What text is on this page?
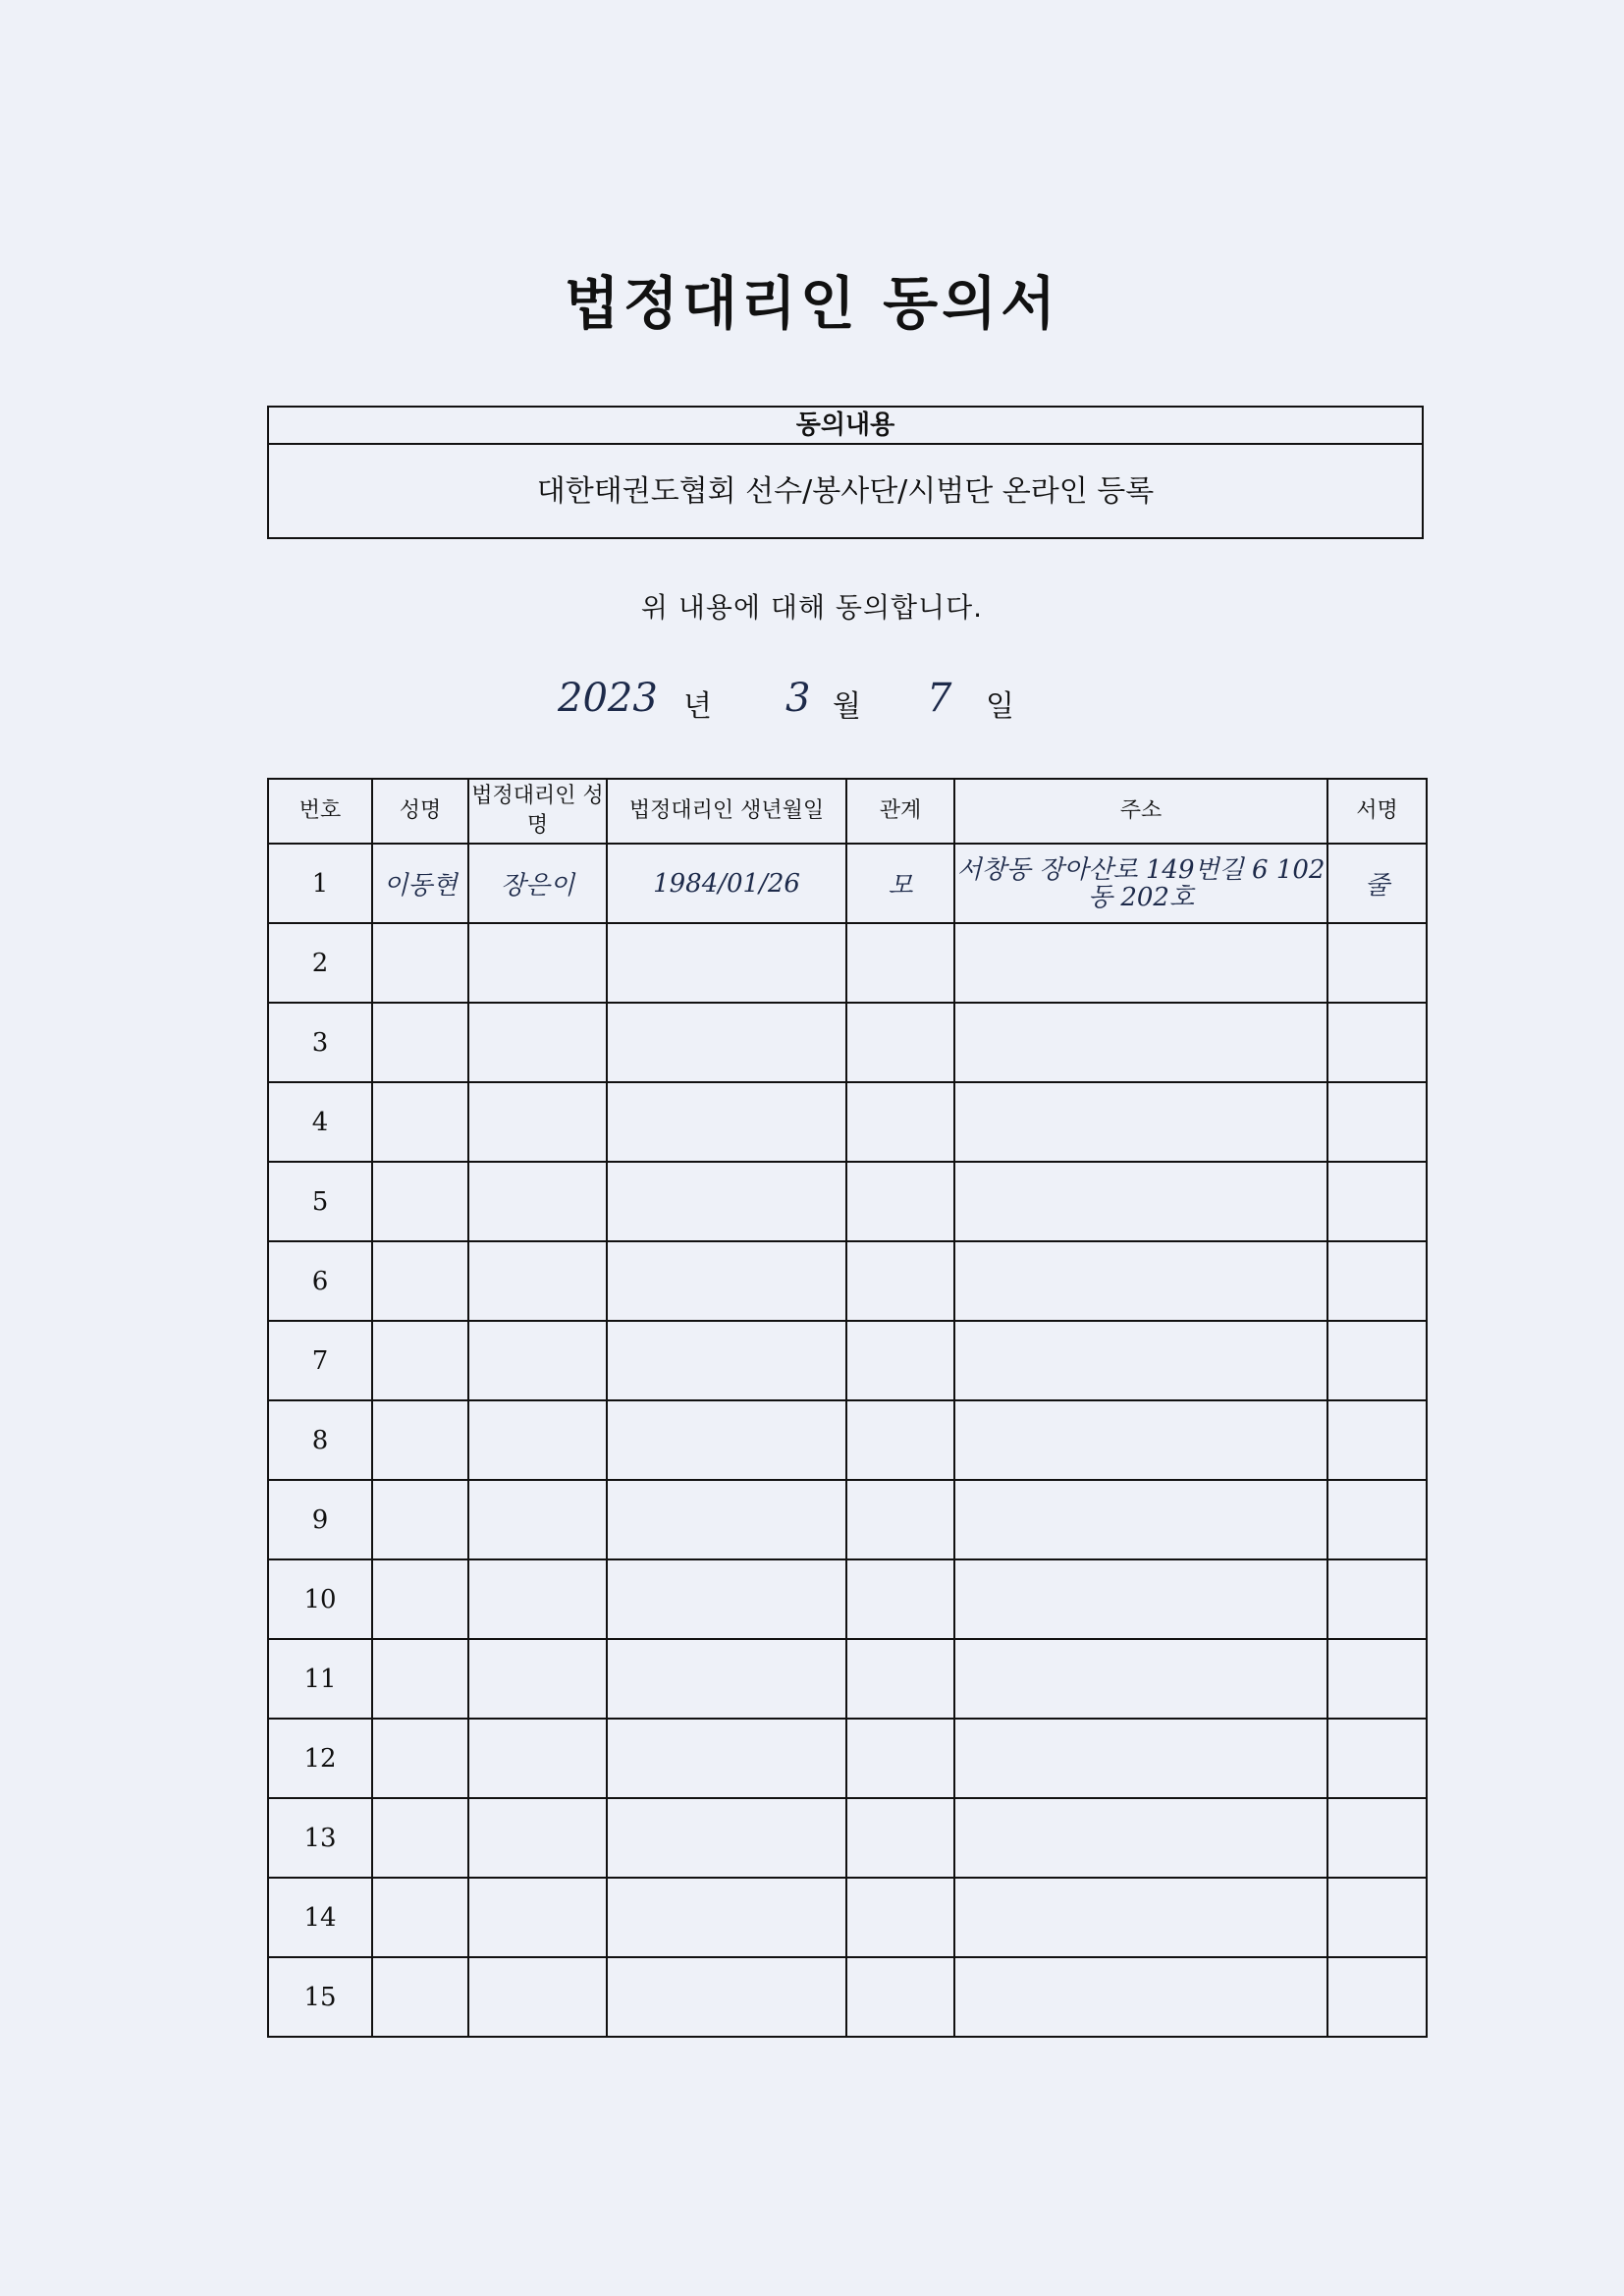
법정대리인 동의서
동의내용
대한태권도협회 선수/봉사단/시범단 온라인 등록
위 내용에 대해 동의합니다.
2023 년 3 월 7 일
번호	성명	법정대리인 성명	법정대리인 생년월일	관계	주소	서명
1	이동현	장은이	1984/01/26	모	서창동 장아산로 149번길 6 102동 202호	줄
2						
3						
4						
5						
6						
7						
8						
9						
10						
11						
12						
13						
14						
15						
